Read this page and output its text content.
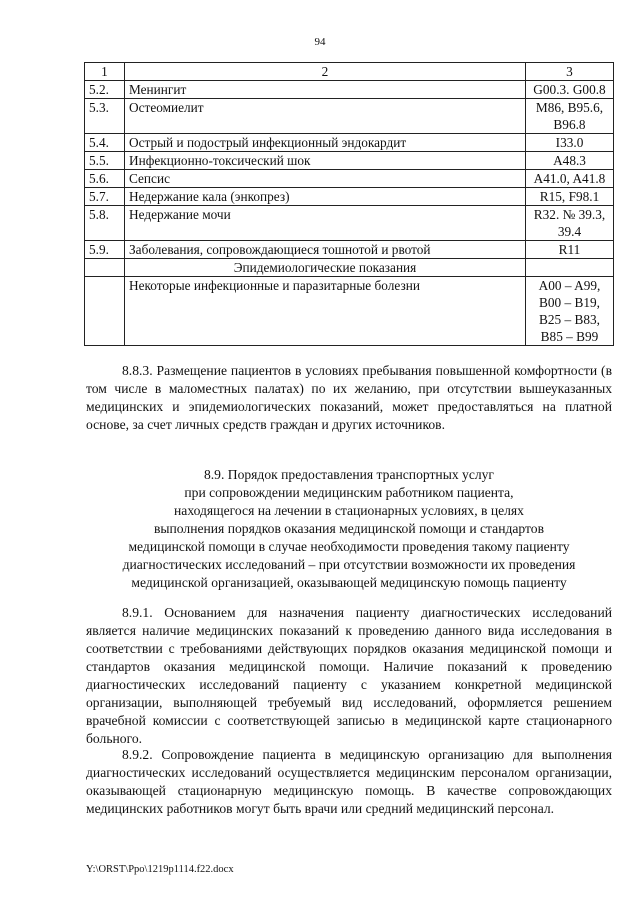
94
1	2	3
5.2.	Менингит	G00.3. G00.8
5.3.	Остеомиелит	M86, B95.6, B96.8
5.4.	Острый и подострый инфекционный эндокардит	I33.0
5.5.	Инфекционно-токсический шок	A48.3
5.6.	Сепсис	A41.0, A41.8
5.7.	Недержание кала (энкопрез)	R15, F98.1
5.8.	Недержание мочи	R32. № 39.3, 39.4
5.9.	Заболевания, сопровождающиеся тошнотой и рвотой	R11
	Эпидемиологические показания	
	Некоторые инфекционные и паразитарные болезни	A00 – A99,
B00 – B19,
B25 – B83,
B85 – B99

8.8.3. Размещение пациентов в условиях пребывания повышенной комфортности (в том числе в маломестных палатах) по их желанию, при отсутствии вышеуказанных медицинских и эпидемиологических показаний, может предоставляться на платной основе, за счет личных средств граждан и других источников.

8.9. Порядок предоставления транспортных услуг
при сопровождении медицинским работником пациента,
находящегося на лечении в стационарных условиях, в целях
выполнения порядков оказания медицинской помощи и стандартов
медицинской помощи в случае необходимости проведения такому пациенту
диагностических исследований – при отсутствии возможности их проведения
медицинской организацией, оказывающей медицинскую помощь пациенту

8.9.1. Основанием для назначения пациенту диагностических исследований является наличие медицинских показаний к проведению данного вида исследования в соответствии с требованиями действующих порядков оказания медицинской помощи и стандартов оказания медицинской помощи. Наличие показаний к проведению диагностических исследований пациенту с указанием конкретной медицинской организации, выполняющей требуемый вид исследований, оформляется решением врачебной комиссии с соответствующей записью в медицинской карте стационарного больного.

8.9.2. Сопровождение пациента в медицинскую организацию для выполнения диагностических исследований осуществляется медицинским персоналом организации, оказывающей стационарную медицинскую помощь. В качестве сопровождающих медицинских работников могут быть врачи или средний медицинский персонал.

Y:\ORST\Ppo\1219p1114.f22.docx
